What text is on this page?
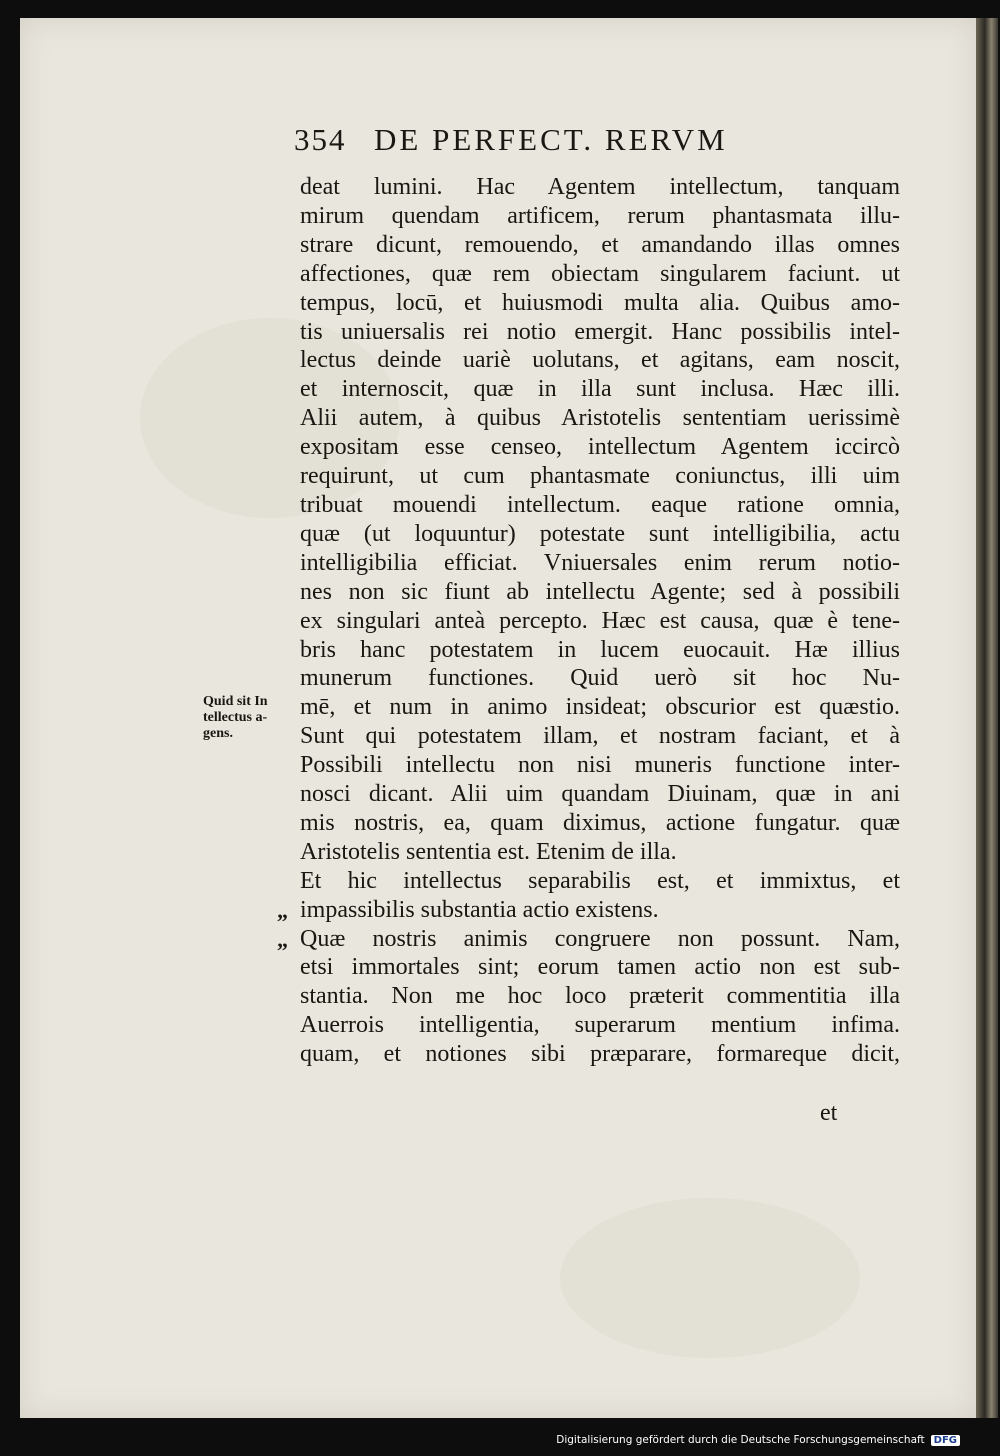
354 DE PERFECT. RERVM
Quid sit In
tellectus a-
gens.
„
„
deat lumini. Hac Agentem intellectum, tanquam
mirum quendam artificem, rerum phantasmata illu-
strare dicunt, remouendo, et amandando illas omnes
affectiones, quæ rem obiectam singularem faciunt. ut
tempus, locū, et huiusmodi multa alia. Quibus amo-
tis uniuersalis rei notio emergit. Hanc possibilis intel-
lectus deinde uariè uolutans, et agitans, eam noscit,
et internoscit, quæ in illa sunt inclusa. Hæc illi.
Alii autem, à quibus Aristotelis sententiam uerissimè
expositam esse censeo, intellectum Agentem iccircò
requirunt, ut cum phantasmate coniunctus, illi uim
tribuat mouendi intellectum. eaque ratione omnia,
quæ (ut loquuntur) potestate sunt intelligibilia, actu
intelligibilia efficiat. Vniuersales enim rerum notio-
nes non sic fiunt ab intellectu Agente; sed à possibili
ex singulari anteà percepto. Hæc est causa, quæ è tene-
bris hanc potestatem in lucem euocauit. Hæ illius
munerum functiones. Quid uerò sit hoc Nu-
mē, et num in animo insideat; obscurior est quæstio.
Sunt qui potestatem illam, et nostram faciant, et à
Possibili intellectu non nisi muneris functione inter-
nosci dicant. Alii uim quandam Diuinam, quæ in ani
mis nostris, ea, quam diximus, actione fungatur. quæ
Aristotelis sententia est. Etenim de illa.
Et hic intellectus separabilis est, et immixtus, et
impassibilis substantia actio existens.
Quæ nostris animis congruere non possunt. Nam,
etsi immortales sint; eorum tamen actio non est sub-
stantia. Non me hoc loco præterit commentitia illa
Auerrois intelligentia, superarum mentium infima.
quam, et notiones sibi præparare, formareque dicit,
et
Digitalisierung gefördert durch die Deutsche Forschungsgemeinschaft DFG
